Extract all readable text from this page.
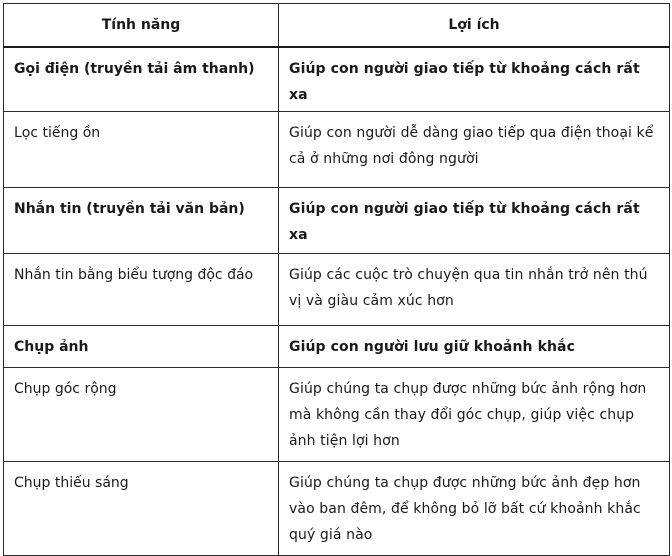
Tính năng	Lợi ích
Gọi điện (truyền tải âm thanh)	Giúp con người giao tiếp từ khoảng cách rất xa
Lọc tiếng ồn	Giúp con người dễ dàng giao tiếp qua điện thoại kể cả ở những nơi đông người
Nhắn tin (truyền tải văn bản)	Giúp con người giao tiếp từ khoảng cách rất xa
Nhắn tin bằng biểu tượng độc đáo	Giúp các cuộc trò chuyện qua tin nhắn trở nên thú vị và giàu cảm xúc hơn
Chụp ảnh	Giúp con người lưu giữ khoảnh khắc
Chụp góc rộng	Giúp chúng ta chụp được những bức ảnh rộng hơn mà không cần thay đổi góc chụp, giúp việc chụp ảnh tiện lợi hơn
Chụp thiếu sáng	Giúp chúng ta chụp được những bức ảnh đẹp hơn vào ban đêm, để không bỏ lỡ bất cứ khoảnh khắc quý giá nào
